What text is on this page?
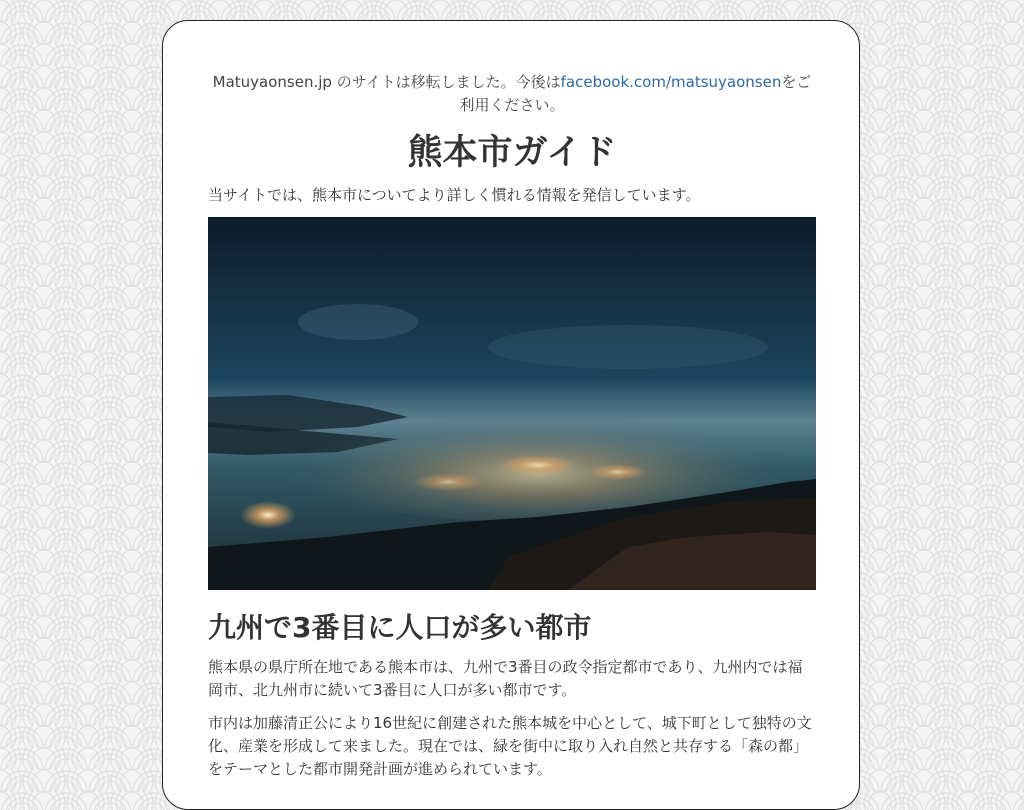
Matuyaonsen.jp のサイトは移転しました。今後はfacebook.com/matsuyaonsenをご利用ください。

熊本市ガイド

当サイトでは、熊本市についてより詳しく慣れる情報を発信しています。

九州で3番目に人口が多い都市

熊本県の県庁所在地である熊本市は、九州で3番目の政令指定都市であり、九州内では福岡市、北九州市に続いて3番目に人口が多い都市です。

市内は加藤清正公により16世紀に創建された熊本城を中心として、城下町として独特の文化、産業を形成して来ました。現在では、緑を街中に取り入れ自然と共存する「森の都」をテーマとした都市開発計画が進められています。
